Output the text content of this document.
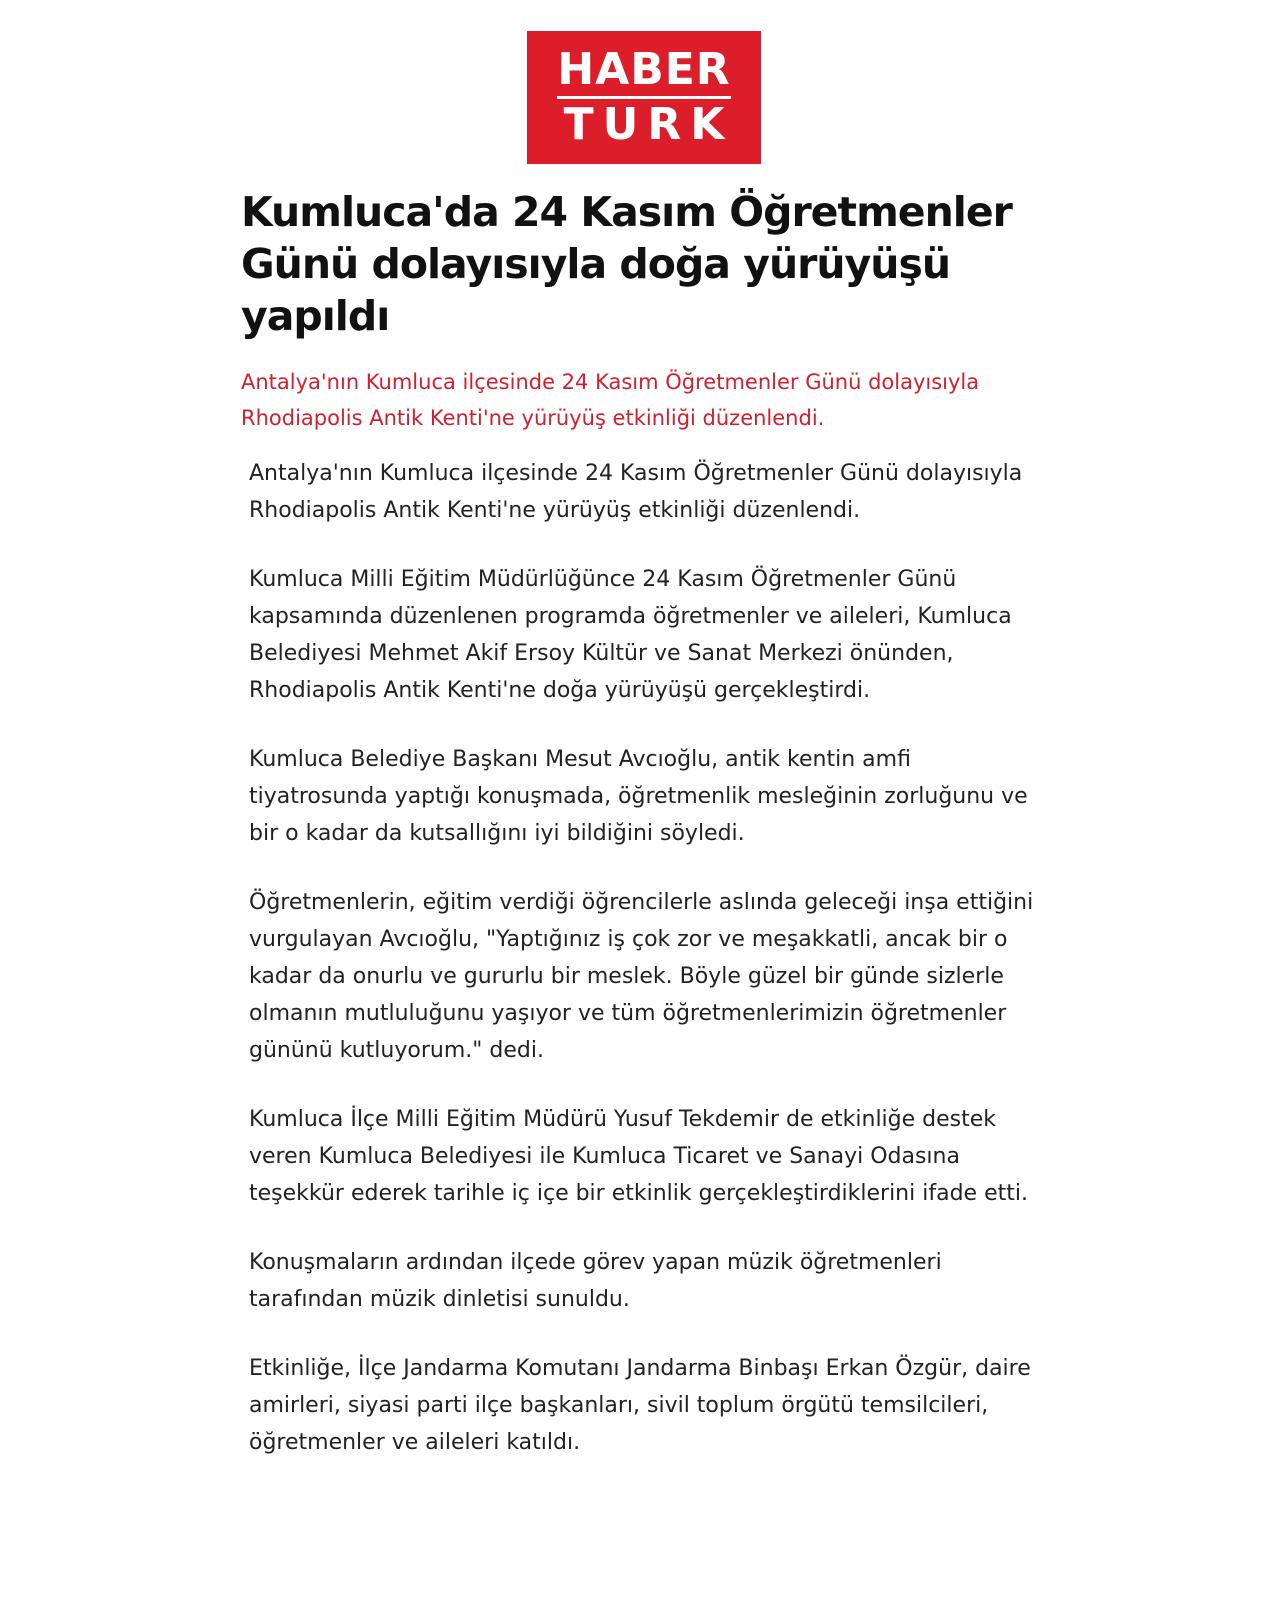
HABER
TURK
Kumluca'da 24 Kasım Öğretmenler Günü dolayısıyla doğa yürüyüşü yapıldı

Antalya'nın Kumluca ilçesinde 24 Kasım Öğretmenler Günü dolayısıyla Rhodiapolis Antik Kenti'ne yürüyüş etkinliği düzenlendi.

Antalya'nın Kumluca ilçesinde 24 Kasım Öğretmenler Günü dolayısıyla Rhodiapolis Antik Kenti'ne yürüyüş etkinliği düzenlendi.

Kumluca Milli Eğitim Müdürlüğünce 24 Kasım Öğretmenler Günü kapsamında düzenlenen programda öğretmenler ve aileleri, Kumluca Belediyesi Mehmet Akif Ersoy Kültür ve Sanat Merkezi önünden, Rhodiapolis Antik Kenti'ne doğa yürüyüşü gerçekleştirdi.

Kumluca Belediye Başkanı Mesut Avcıoğlu, antik kentin amfi tiyatrosunda yaptığı konuşmada, öğretmenlik mesleğinin zorluğunu ve bir o kadar da kutsallığını iyi bildiğini söyledi.

Öğretmenlerin, eğitim verdiği öğrencilerle aslında geleceği inşa ettiğini vurgulayan Avcıoğlu, "Yaptığınız iş çok zor ve meşakkatli, ancak bir o kadar da onurlu ve gururlu bir meslek. Böyle güzel bir günde sizlerle olmanın mutluluğunu yaşıyor ve tüm öğretmenlerimizin öğretmenler gününü kutluyorum." dedi.

Kumluca İlçe Milli Eğitim Müdürü Yusuf Tekdemir de etkinliğe destek veren Kumluca Belediyesi ile Kumluca Ticaret ve Sanayi Odasına teşekkür ederek tarihle iç içe bir etkinlik gerçekleştirdiklerini ifade etti.

Konuşmaların ardından ilçede görev yapan müzik öğretmenleri tarafından müzik dinletisi sunuldu.

Etkinliğe, İlçe Jandarma Komutanı Jandarma Binbaşı Erkan Özgür, daire amirleri, siyasi parti ilçe başkanları, sivil toplum örgütü temsilcileri, öğretmenler ve aileleri katıldı.
